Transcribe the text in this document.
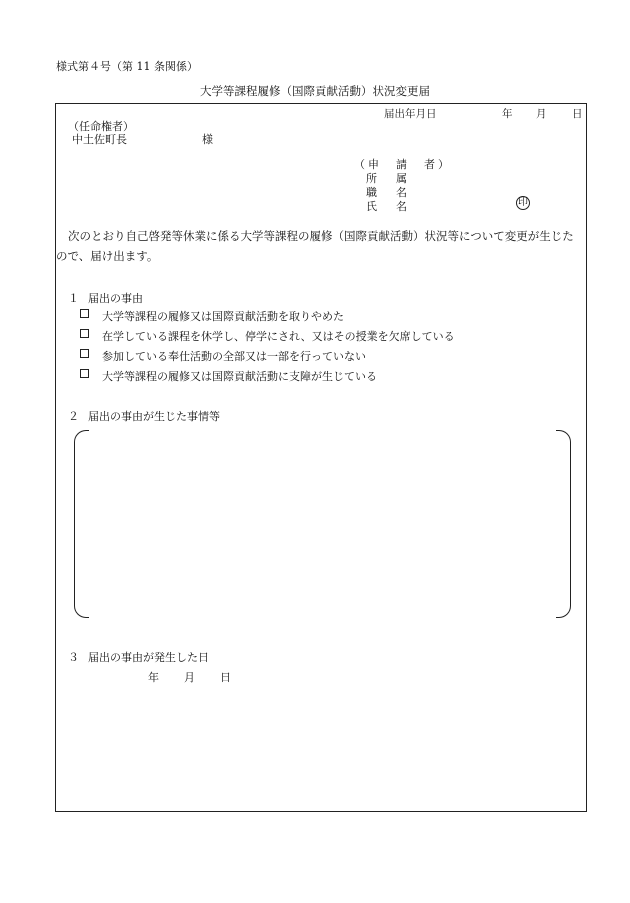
様式第４号（第 11 条関係）
大学等課程履修（国際貢献活動）状況変更届
届出年月日	年 月 日
（任命権者）
中土佐町長	様
（申　請　者）
所 属
職 名
氏 名	印
次のとおり自己啓発等休業に係る大学等課程の履修（国際貢献活動）状況等について変更が生じたので、届け出ます。
１ 届出の事由
大学等課程の履修又は国際貢献活動を取りやめた
在学している課程を休学し、停学にされ、又はその授業を欠席している
参加している奉仕活動の全部又は一部を行っていない
大学等課程の履修又は国際貢献活動に支障が生じている
２ 届出の事由が生じた事情等
３ 届出の事由が発生した日
年 月 日
